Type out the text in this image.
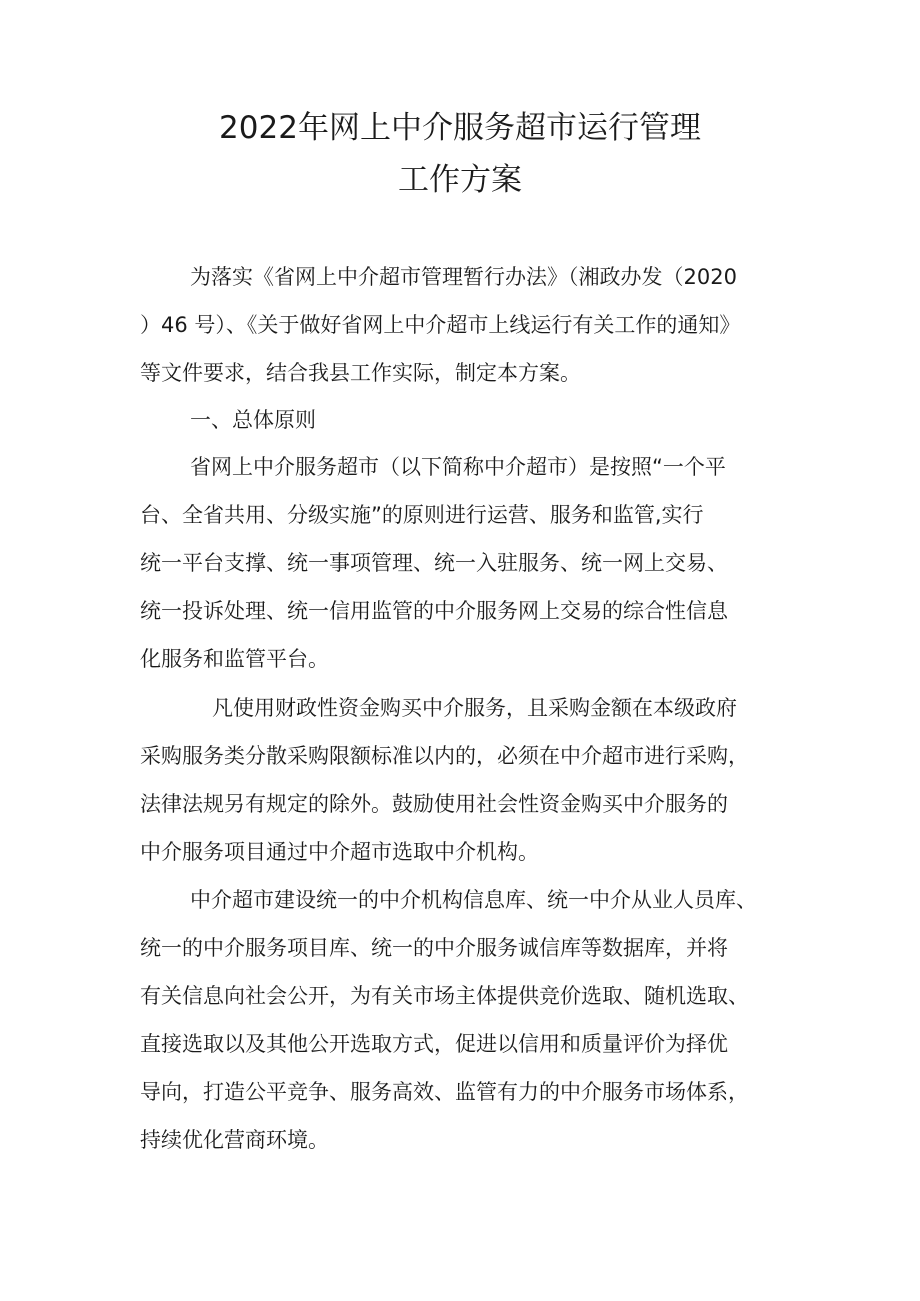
2022年网上中介服务超市运行管理
工作方案

为落实《省网上中介超市管理暂行办法》（湘政办发（2020

）46 号）、《关于做好省网上中介超市上线运行有关工作的通知》

等文件要求，结合我县工作实际，制定本方案。

一、总体原则

省网上中介服务超市（以下简称中介超市）是按照“一个平

台、全省共用、分级实施”的原则进行运营、服务和监管,实行

统一平台支撑、统一事项管理、统一入驻服务、统一网上交易、

统一投诉处理、统一信用监管的中介服务网上交易的综合性信息

化服务和监管平台。

凡使用财政性资金购买中介服务，且采购金额在本级政府

采购服务类分散采购限额标准以内的，必须在中介超市进行采购，

法律法规另有规定的除外。鼓励使用社会性资金购买中介服务的

中介服务项目通过中介超市选取中介机构。

中介超市建设统一的中介机构信息库、统一中介从业人员库、

统一的中介服务项目库、统一的中介服务诚信库等数据库，并将

有关信息向社会公开，为有关市场主体提供竞价选取、随机选取、

直接选取以及其他公开选取方式，促进以信用和质量评价为择优

导向，打造公平竞争、服务高效、监管有力的中介服务市场体系，

持续优化营商环境。
